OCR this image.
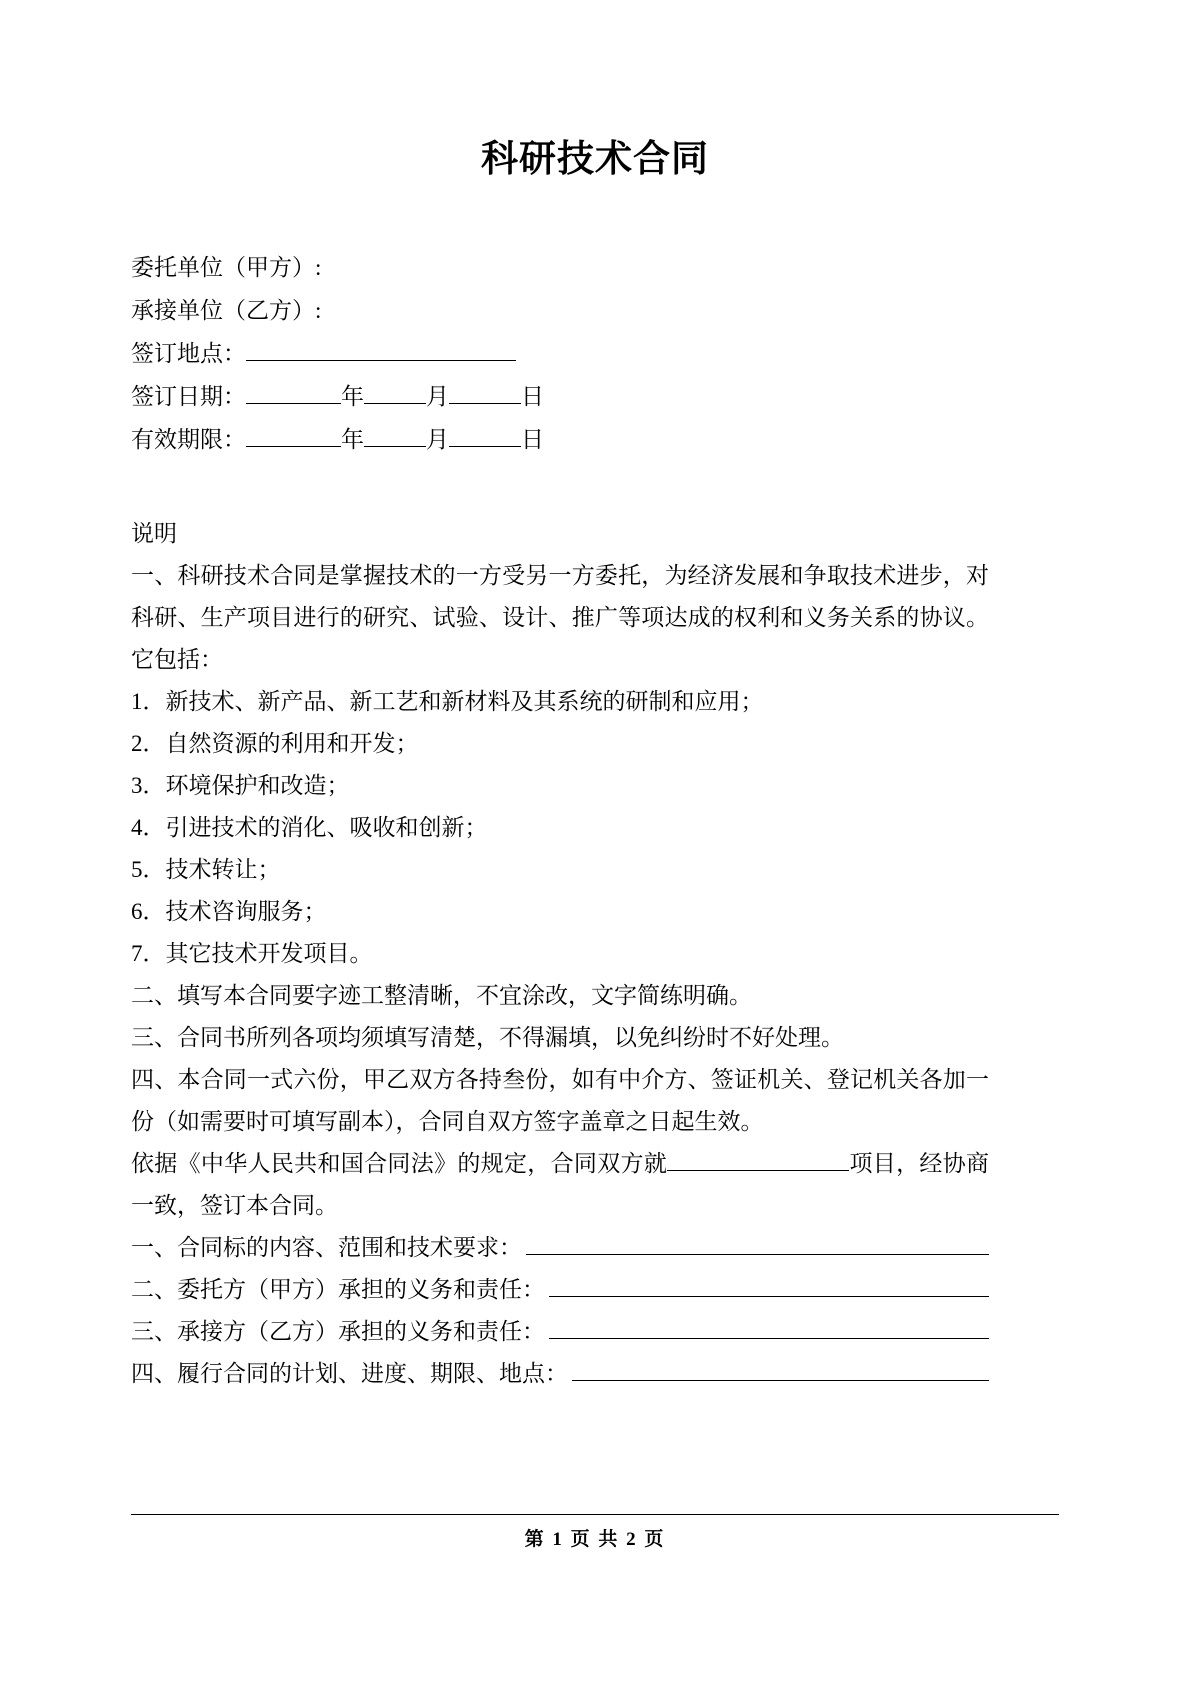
科研技术合同
委托单位（甲方）:
承接单位（乙方）:
签订地点：
签订日期：	年	月	日
有效期限：	年	月	日
说明
一、科研技术合同是掌握技术的一方受另一方委托，为经济发展和争取技术进步，对科研、生产项目进行的研究、试验、设计、推广等项达成的权利和义务关系的协议。它包括：
1．新技术、新产品、新工艺和新材料及其系统的研制和应用；
2．自然资源的利用和开发；
3．环境保护和改造；
4．引进技术的消化、吸收和创新；
5．技术转让；
6．技术咨询服务；
7．其它技术开发项目。
二、填写本合同要字迹工整清晰，不宜涂改，文字简练明确。
三、合同书所列各项均须填写清楚，不得漏填，以免纠纷时不好处理。
四、本合同一式六份，甲乙双方各持叁份，如有中介方、签证机关、登记机关各加一份（如需要时可填写副本），合同自双方签字盖章之日起生效。
依据《中华人民共和国合同法》的规定，合同双方就	项目，经协商一致，签订本合同。
一、合同标的内容、范围和技术要求：
二、委托方（甲方）承担的义务和责任：
三、承接方（乙方）承担的义务和责任：
四、履行合同的计划、进度、期限、地点：
第 1 页 共 2 页
